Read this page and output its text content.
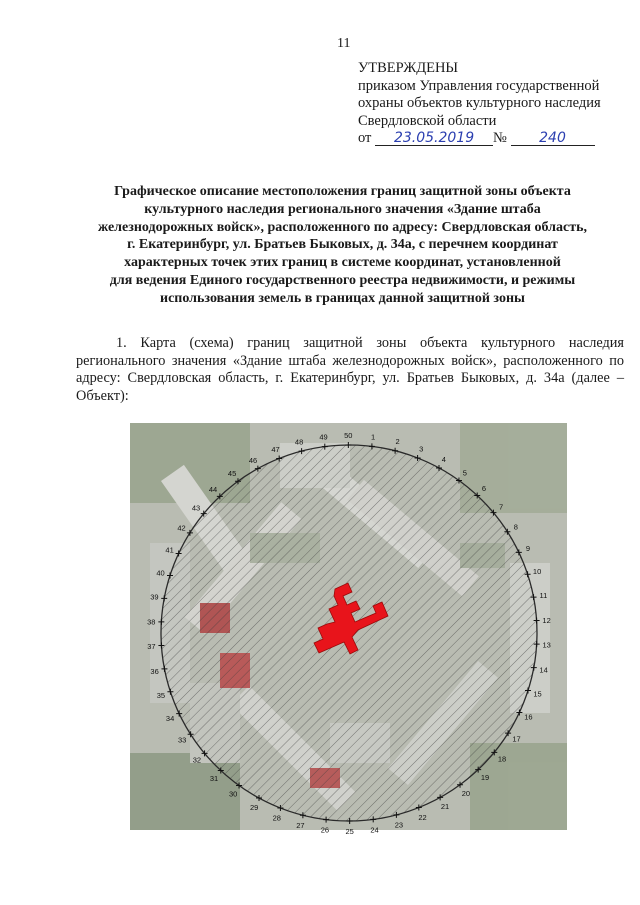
11
УТВЕРЖДЕНЫ
приказом Управления государственной
охраны объектов культурного наследия
Свердловской области
от 23.05.2019 № 240
Графическое описание местоположения границ защитной зоны объекта
культурного наследия регионального значения «Здание штаба
железнодорожных войск», расположенного по адресу: Свердловская область,
г. Екатеринбург, ул. Братьев Быковых, д. 34а, с перечнем координат
характерных точек этих границ в системе координат, установленной
для ведения Единого государственного реестра недвижимости, и режимы
использования земель в границах данной защитной зоны
1. Карта (схема) границ защитной зоны объекта культурного наследия регионального значения «Здание штаба железнодорожных войск», расположенного по адресу: Свердловская область, г. Екатеринбург, ул. Братьев Быковых, д. 34а (далее – Объект):
1	2
3
4
5
6
7
8
9
10
11
12
13
14
15
16
17
18
19
20
21
22
23
24
25
26
27
28
29
30
31
32
33
34
35
36
37
38
39
40
41
42
43
44
45
46
47
48
49 50
